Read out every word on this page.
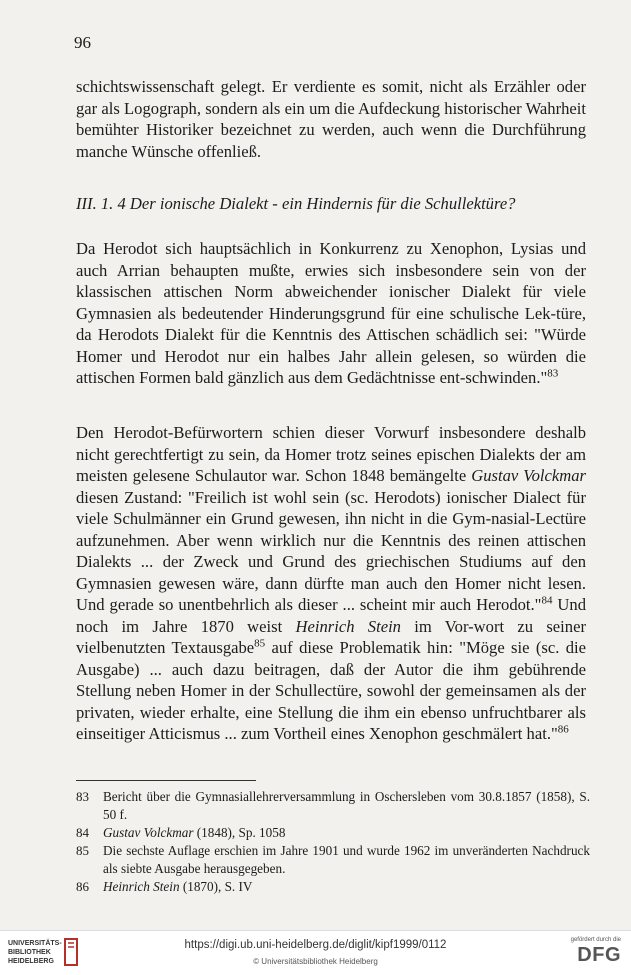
96

schichtswissenschaft gelegt. Er verdiente es somit, nicht als Erzähler oder gar als Logograph, sondern als ein um die Aufdeckung historischer Wahrheit bemühter Historiker bezeichnet zu werden, auch wenn die Durchführung manche Wünsche offenließ.

III. 1. 4 Der ionische Dialekt - ein Hindernis für die Schullektüre?

Da Herodot sich hauptsächlich in Konkurrenz zu Xenophon, Lysias und auch Arrian behaupten mußte, erwies sich insbesondere sein von der klassischen attischen Norm abweichender ionischer Dialekt für viele Gymnasien als bedeutender Hinderungsgrund für eine schulische Lek-türe, da Herodots Dialekt für die Kenntnis des Attischen schädlich sei: "Würde Homer und Herodot nur ein halbes Jahr allein gelesen, so würden die attischen Formen bald gänzlich aus dem Gedächtnisse ent-schwinden."$^{83}$

Den Herodot-Befürwortern schien dieser Vorwurf insbesondere deshalb nicht gerechtfertigt zu sein, da Homer trotz seines epischen Dialekts der am meisten gelesene Schulautor war. Schon 1848 bemängelte Gustav Volckmar diesen Zustand: "Freilich ist wohl sein (sc. Herodots) ionischer Dialect für viele Schulmänner ein Grund gewesen, ihn nicht in die Gym-nasial-Lectüre aufzunehmen. Aber wenn wirklich nur die Kenntnis des reinen attischen Dialekts ... der Zweck und Grund des griechischen Studiums auf den Gymnasien gewesen wäre, dann dürfte man auch den Homer nicht lesen. Und gerade so unentbehrlich als dieser ... scheint mir auch Herodot."$^{84}$ Und noch im Jahre 1870 weist Heinrich Stein im Vor-wort zu seiner vielbenutzten Textausgabe$^{85}$ auf diese Problematik hin: "Möge sie (sc. die Ausgabe) ... auch dazu beitragen, daß der Autor die ihm gebührende Stellung neben Homer in der Schullectüre, sowohl der gemeinsamen als der privaten, wieder erhalte, eine Stellung die ihm ein ebenso unfruchtbarer als einseitiger Atticismus ... zum Vortheil eines Xenophon geschmälert hat."$^{86}$

83 Bericht über die Gymnasiallehrerversammlung in Oschersleben vom 30.8.1857 (1858), S. 50 f.
84 Gustav Volckmar (1848), Sp. 1058
85 Die sechste Auflage erschien im Jahre 1901 und wurde 1962 im unveränderten Nachdruck als siebte Ausgabe herausgegeben.
86 Heinrich Stein (1870), S. IV
UNIVERSITÄTS-
BIBLIOTHEK
HEIDELBERG
https://digi.ub.uni-heidelberg.de/diglit/kipf1999/0112
© Universitätsbibliothek Heidelberg
gefördert durch die
DFG
